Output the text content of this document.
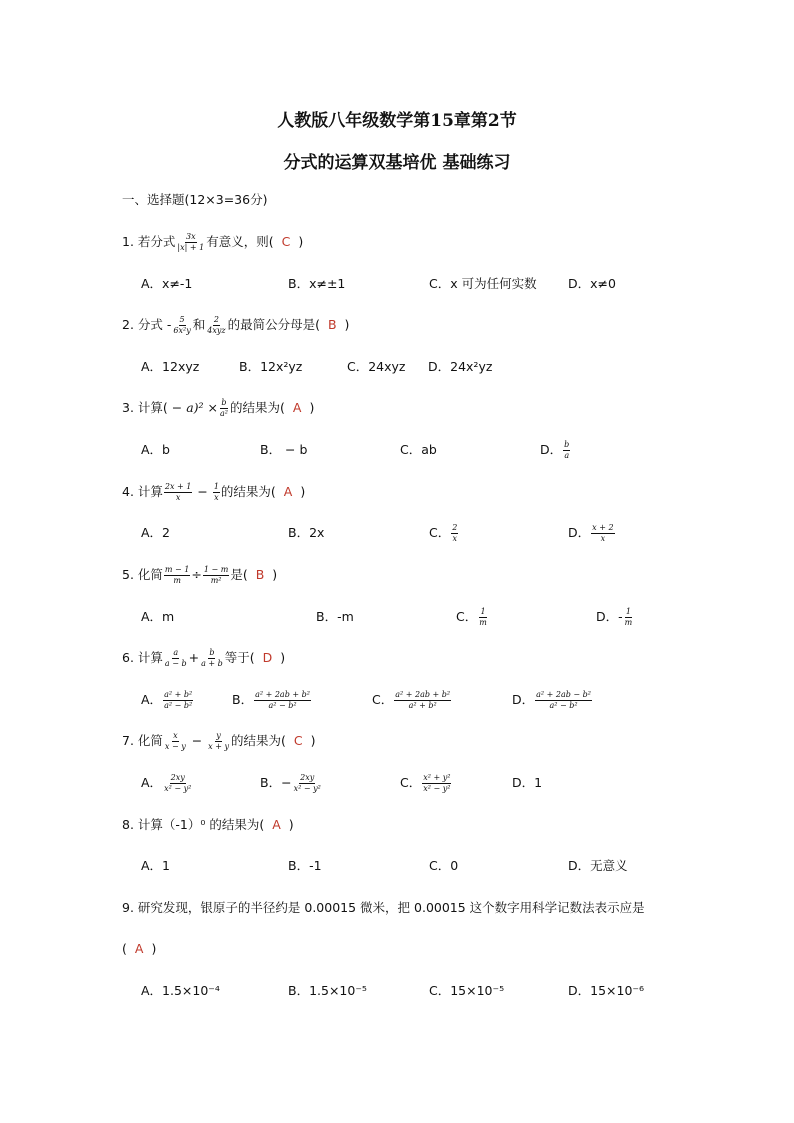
人教版八年级数学第15章第2节
分式的运算双基培优 基础练习
一、选择题(12×3=36分)
1. 若分式 $\frac{3x}{|x| + 1}$ 有意义，则( C )
A．x≠-1	B．x≠±1	C．x 可为任何实数	D．x≠0
2. 分式 - $\frac{5}{\text{6x²y}}$ 和 $\frac{2}{\text{4xyz}}$ 的最简公分母是( B )
A．12xyz	B．12x²yz	C．24xyz D．24x²yz
3. 计算( − $a)^2 \times \frac{b}{\text{a²}}$ 的结果为( A )
A．b	B． − b	C．ab	D． $\frac{b}{a}$
4. 计算 $\frac{2x + 1}{x} - \frac{1}{x}$ 的结果为( A )
A．2	B．2x	C． $\frac{2}{x}$	D． $\frac{x + 2}{x}$
5. 化简 $\frac{m - 1}{m} \div \frac{1 - m}{\text{m²}}$ 是( B )
A．m	B．-m	C． $\frac{1}{m}$	D．- $\frac{1}{m}$
6. 计算 $\frac{a}{a - b} + \frac{b}{a + b}$ 等于( D )
A． $\frac{\text{a² + b²}}{\text{a² − b²}}$	B． $\frac{\text{a² + 2ab + b²}}{\text{a² − b²}}$	C． $\frac{\text{a² + 2ab + b²}}{\text{a² + b²}}$	D． $\frac{\text{a² + 2ab − b²}}{\text{a² − b²}}$
7. 化简 $\frac{x}{x - y} - \frac{y}{x + y}$ 的结果为( C )
A． $\frac{2xy}{\text{x² − y²}}$	B．− $\frac{2xy}{\text{x² − y²}}$	C． $\frac{\text{x² + y²}}{\text{x² − y²}}$	D．1
8. 计算（-1）⁰ 的结果为( A )
A．1	B．-1	C．0	D．无意义
9. 研究发现，银原子的半径约是 0.00015 微米，把 0.00015 这个数字用科学记数法表示应是
( A )
A．1.5×10⁻⁴	B．1.5×10⁻⁵	C．15×10⁻⁵	D．15×10⁻⁶
